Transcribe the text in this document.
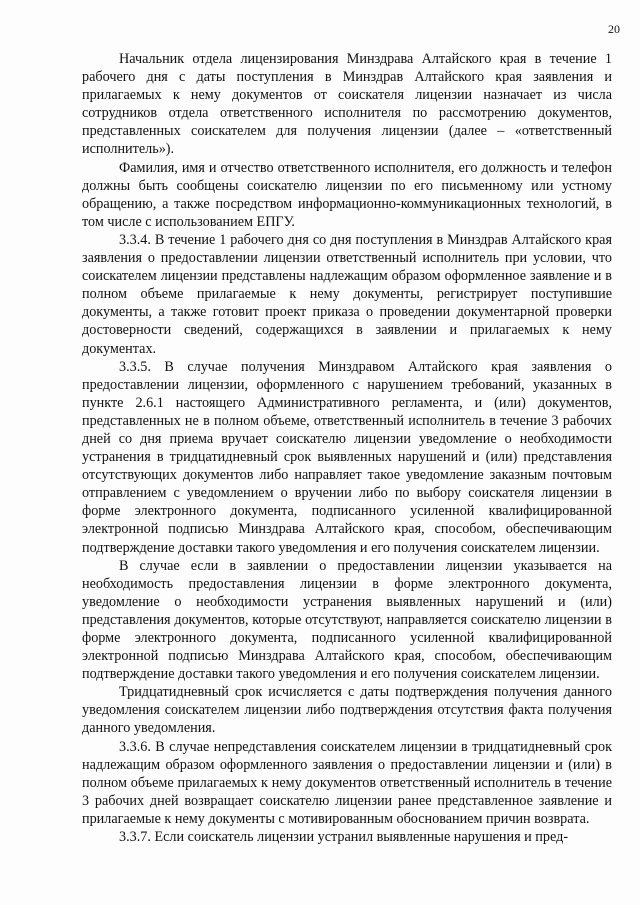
20

Начальник отдела лицензирования Минздрава Алтайского края в течение 1 рабочего дня с даты поступления в Минздрав Алтайского края заявления и прилагаемых к нему документов от соискателя лицензии назначает из числа сотрудников отдела ответственного исполнителя по рассмотрению документов, представленных соискателем для получения лицензии (далее – «ответственный исполнитель»).

Фамилия, имя и отчество ответственного исполнителя, его должность и телефон должны быть сообщены соискателю лицензии по его письменному или устному обращению, а также посредством информационно-коммуникационных технологий, в том числе с использованием ЕПГУ.

3.3.4. В течение 1 рабочего дня со дня поступления в Минздрав Алтайского края заявления о предоставлении лицензии ответственный исполнитель при условии, что соискателем лицензии представлены надлежащим образом оформленное заявление и в полном объеме прилагаемые к нему документы, регистрирует поступившие документы, а также готовит проект приказа о проведении документарной проверки достоверности сведений, содержащихся в заявлении и прилагаемых к нему документах.

3.3.5. В случае получения Минздравом Алтайского края заявления о предоставлении лицензии, оформленного с нарушением требований, указанных в пункте 2.6.1 настоящего Административного регламента, и (или) документов, представленных не в полном объеме, ответственный исполнитель в течение 3 рабочих дней со дня приема вручает соискателю лицензии уведомление о необходимости устранения в тридцатидневный срок выявленных нарушений и (или) представления отсутствующих документов либо направляет такое уведомление заказным почтовым отправлением с уведомлением о вручении либо по выбору соискателя лицензии в форме электронного документа, подписанного усиленной квалифицированной электронной подписью Минздрава Алтайского края, способом, обеспечивающим подтверждение доставки такого уведомления и его получения соискателем лицензии.

В случае если в заявлении о предоставлении лицензии указывается на необходимость предоставления лицензии в форме электронного документа, уведомление о необходимости устранения выявленных нарушений и (или) представления документов, которые отсутствуют, направляется соискателю лицензии в форме электронного документа, подписанного усиленной квалифицированной электронной подписью Минздрава Алтайского края, способом, обеспечивающим подтверждение доставки такого уведомления и его получения соискателем лицензии.

Тридцатидневный срок исчисляется с даты подтверждения получения данного уведомления соискателем лицензии либо подтверждения отсутствия факта получения данного уведомления.

3.3.6. В случае непредставления соискателем лицензии в тридцатидневный срок надлежащим образом оформленного заявления о предоставлении лицензии и (или) в полном объеме прилагаемых к нему документов ответственный исполнитель в течение 3 рабочих дней возвращает соискателю лицензии ранее представленное заявление и прилагаемые к нему документы с мотивированным обоснованием причин возврата.

3.3.7. Если соискатель лицензии устранил выявленные нарушения и пред-
